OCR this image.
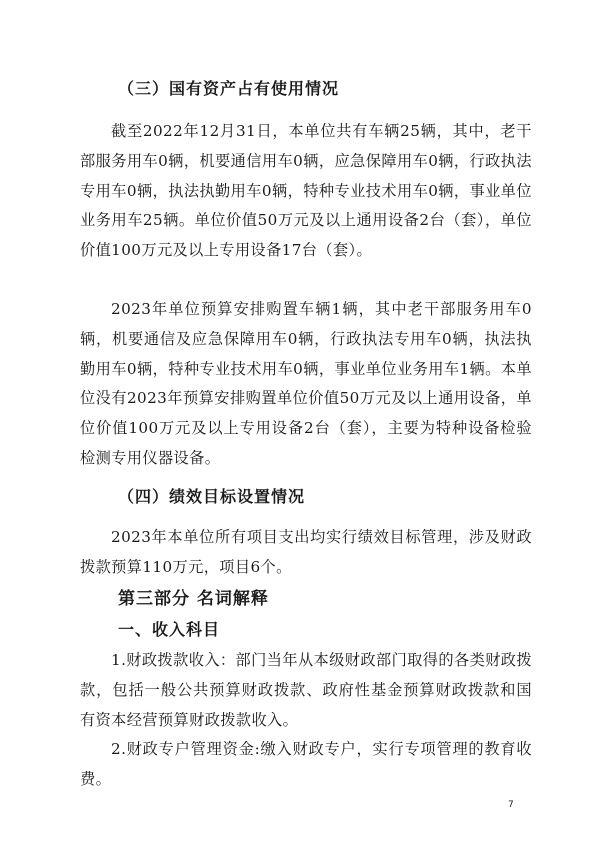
（三）国有资产占有使用情况
截至2022年12月31日，本单位共有车辆25辆，其中，老干部服务用车0辆，机要通信用车0辆，应急保障用车0辆，行政执法专用车0辆，执法执勤用车0辆，特种专业技术用车0辆，事业单位业务用车25辆。单位价值50万元及以上通用设备2台（套），单位价值100万元及以上专用设备17台（套）。
2023年单位预算安排购置车辆1辆，其中老干部服务用车0辆，机要通信及应急保障用车0辆，行政执法专用车0辆，执法执勤用车0辆，特种专业技术用车0辆，事业单位业务用车1辆。本单位没有2023年预算安排购置单位价值50万元及以上通用设备，单位价值100万元及以上专用设备2台（套），主要为特种设备检验检测专用仪器设备。
（四）绩效目标设置情况
2023年本单位所有项目支出均实行绩效目标管理，涉及财政拨款预算110万元，项目6个。
第三部分 名词解释
一、收入科目
1.财政拨款收入：部门当年从本级财政部门取得的各类财政拨款，包括一般公共预算财政拨款、政府性基金预算财政拨款和国有资本经营预算财政拨款收入。
2.财政专户管理资金:缴入财政专户，实行专项管理的教育收费。
7
